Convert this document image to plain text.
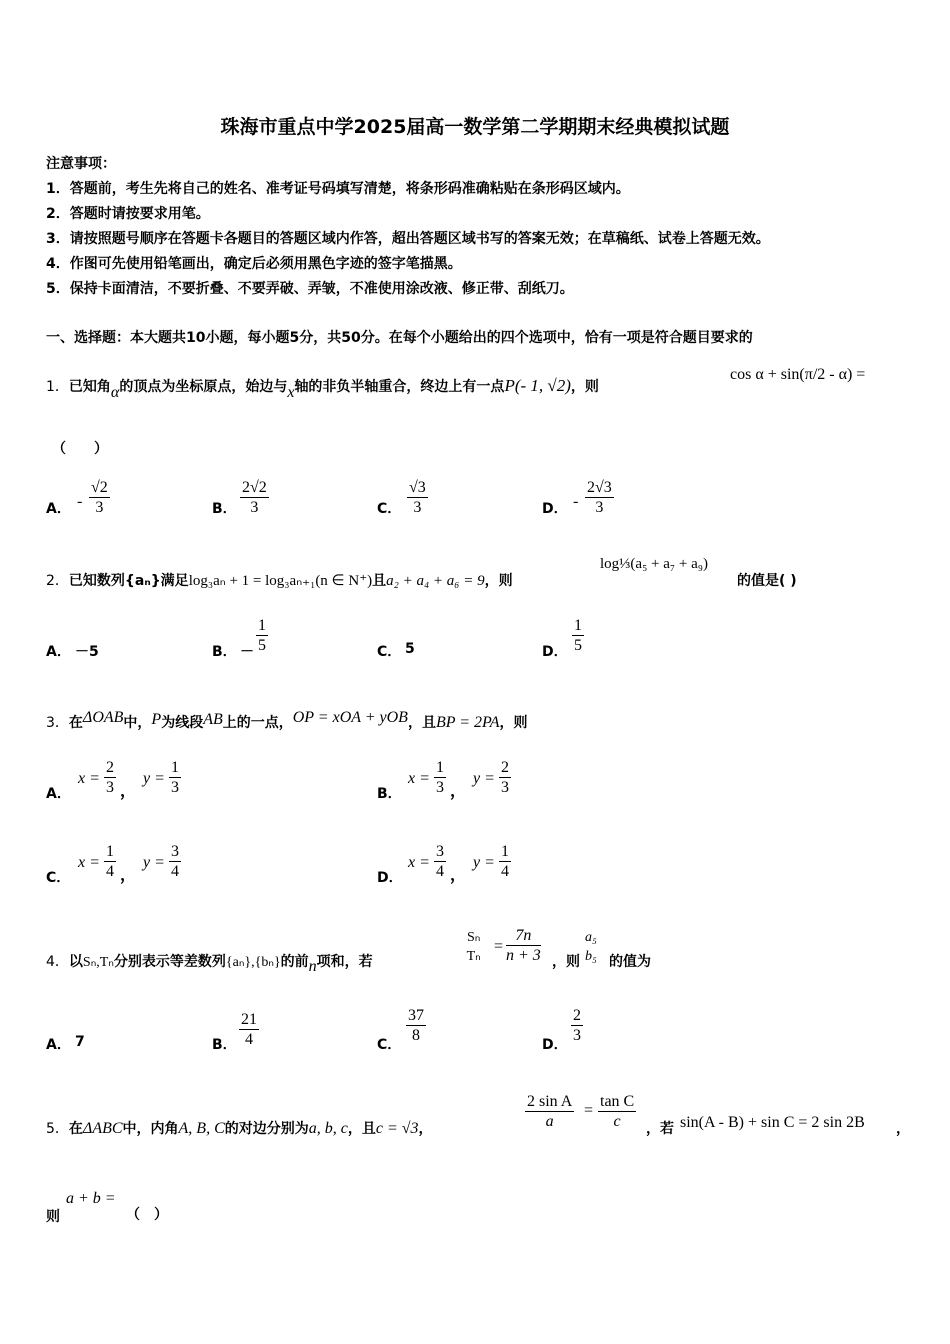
珠海市重点中学2025届高一数学第二学期期末经典模拟试题
注意事项：
1．答题前，考生先将自己的姓名、准考证号码填写清楚，将条形码准确粘贴在条形码区域内。
2．答题时请按要求用笔。
3．请按照题号顺序在答题卡各题目的答题区域内作答，超出答题区域书写的答案无效；在草稿纸、试卷上答题无效。
4．作图可先使用铅笔画出，确定后必须用黑色字迹的签字笔描黑。
5．保持卡面清洁，不要折叠、不要弄破、弄皱，不准使用涂改液、修正带、刮纸刀。
一、选择题：本大题共10小题，每小题5分，共50分。在每个小题给出的四个选项中，恰有一项是符合题目要求的
1．已知角α的顶点为坐标原点，始边与x轴的非负半轴重合，终边上有一点P(- 1, √2)，则
cos α + sin(π/2 - α) =
（　　）
A． - $\frac{√2}{3}$	B． $\frac{2√2}{3}$	C． $\frac{√3}{3}$	D． - $\frac{2√3}{3}$
2．已知数列{aₙ}满足log₃aₙ + 1 = log₃aₙ₊₁(n ∈ N⁺)且a₂ + a₄ + a₆ = 9，则
log⅓(a₅ + a₇ + a₉)
的值是( )
A． －5	B． － $\frac{1}{5}$	C． 5	D． $\frac{1}{5}$
3．在ΔOAB中，P为线段AB上的一点，OP = xOA + yOB，且BP = 2PA，则
A．
$x = \frac{2}{3}$ ，
$y = \frac{1}{3}$	B．
$x = \frac{1}{3}$ ，
$y = \frac{2}{3}$
C．
$x = \frac{1}{4}$ ，
$y = \frac{3}{4}$	D．
$x = \frac{3}{4}$ ，
$y = \frac{1}{4}$
4．以Sₙ,Tₙ分别表示等差数列{aₙ},{bₙ}的前n项和，若
Sₙ
Tₙ
= $\frac{7n}{n + 3}$ ，则
a₅
b₅ 的值为
A． 7	B． $\frac{21}{4}$	C． $\frac{37}{8}$	D． $\frac{2}{3}$
5．在ΔABC中，内角A, B, C的对边分别为a, b, c，且c = √3，	$\frac{\text{2 sin A}}{a} = \frac{\text{tan C}}{c}$ ，若 sin(A - B) + sin C = 2 sin 2B ，
则
a + b =
（　）
